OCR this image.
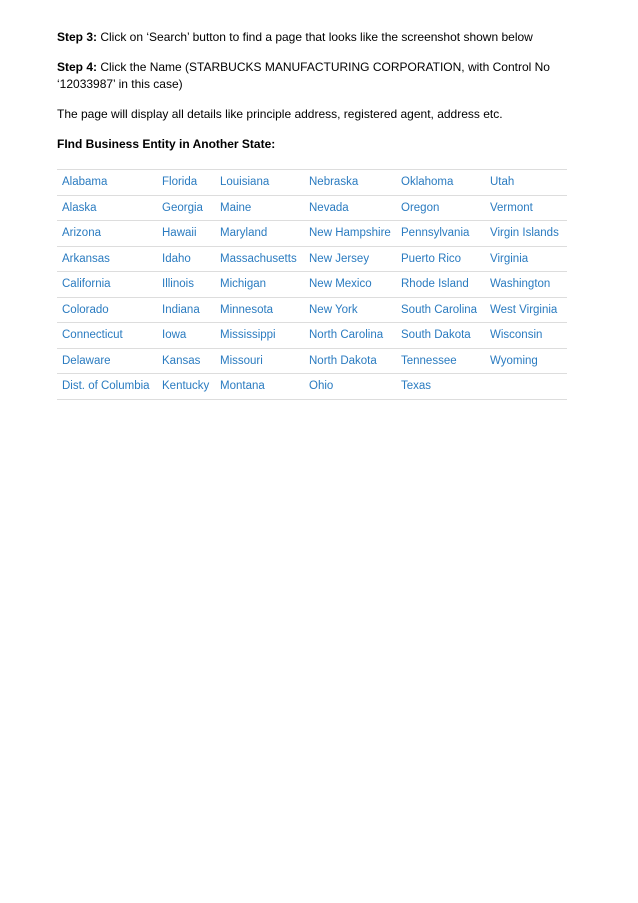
Step 3: Click on ‘Search’ button to find a page that looks like the screenshot shown below

Step 4: Click the Name (STARBUCKS MANUFACTURING CORPORATION, with Control No ‘12033987’ in this case)

The page will display all details like principle address, registered agent, address etc.

FInd Business Entity in Another State:

Alabama	Florida	Louisiana	Nebraska	Oklahoma	Utah
Alaska	Georgia	Maine	Nevada	Oregon	Vermont
Arizona	Hawaii	Maryland	New Hampshire	Pennsylvania	Virgin Islands
Arkansas	Idaho	Massachusetts	New Jersey	Puerto Rico	Virginia
California	Illinois	Michigan	New Mexico	Rhode Island	Washington
Colorado	Indiana	Minnesota	New York	South Carolina	West Virginia
Connecticut	Iowa	Mississippi	North Carolina	South Dakota	Wisconsin
Delaware	Kansas	Missouri	North Dakota	Tennessee	Wyoming
Dist. of Columbia	Kentucky	Montana	Ohio	Texas	
